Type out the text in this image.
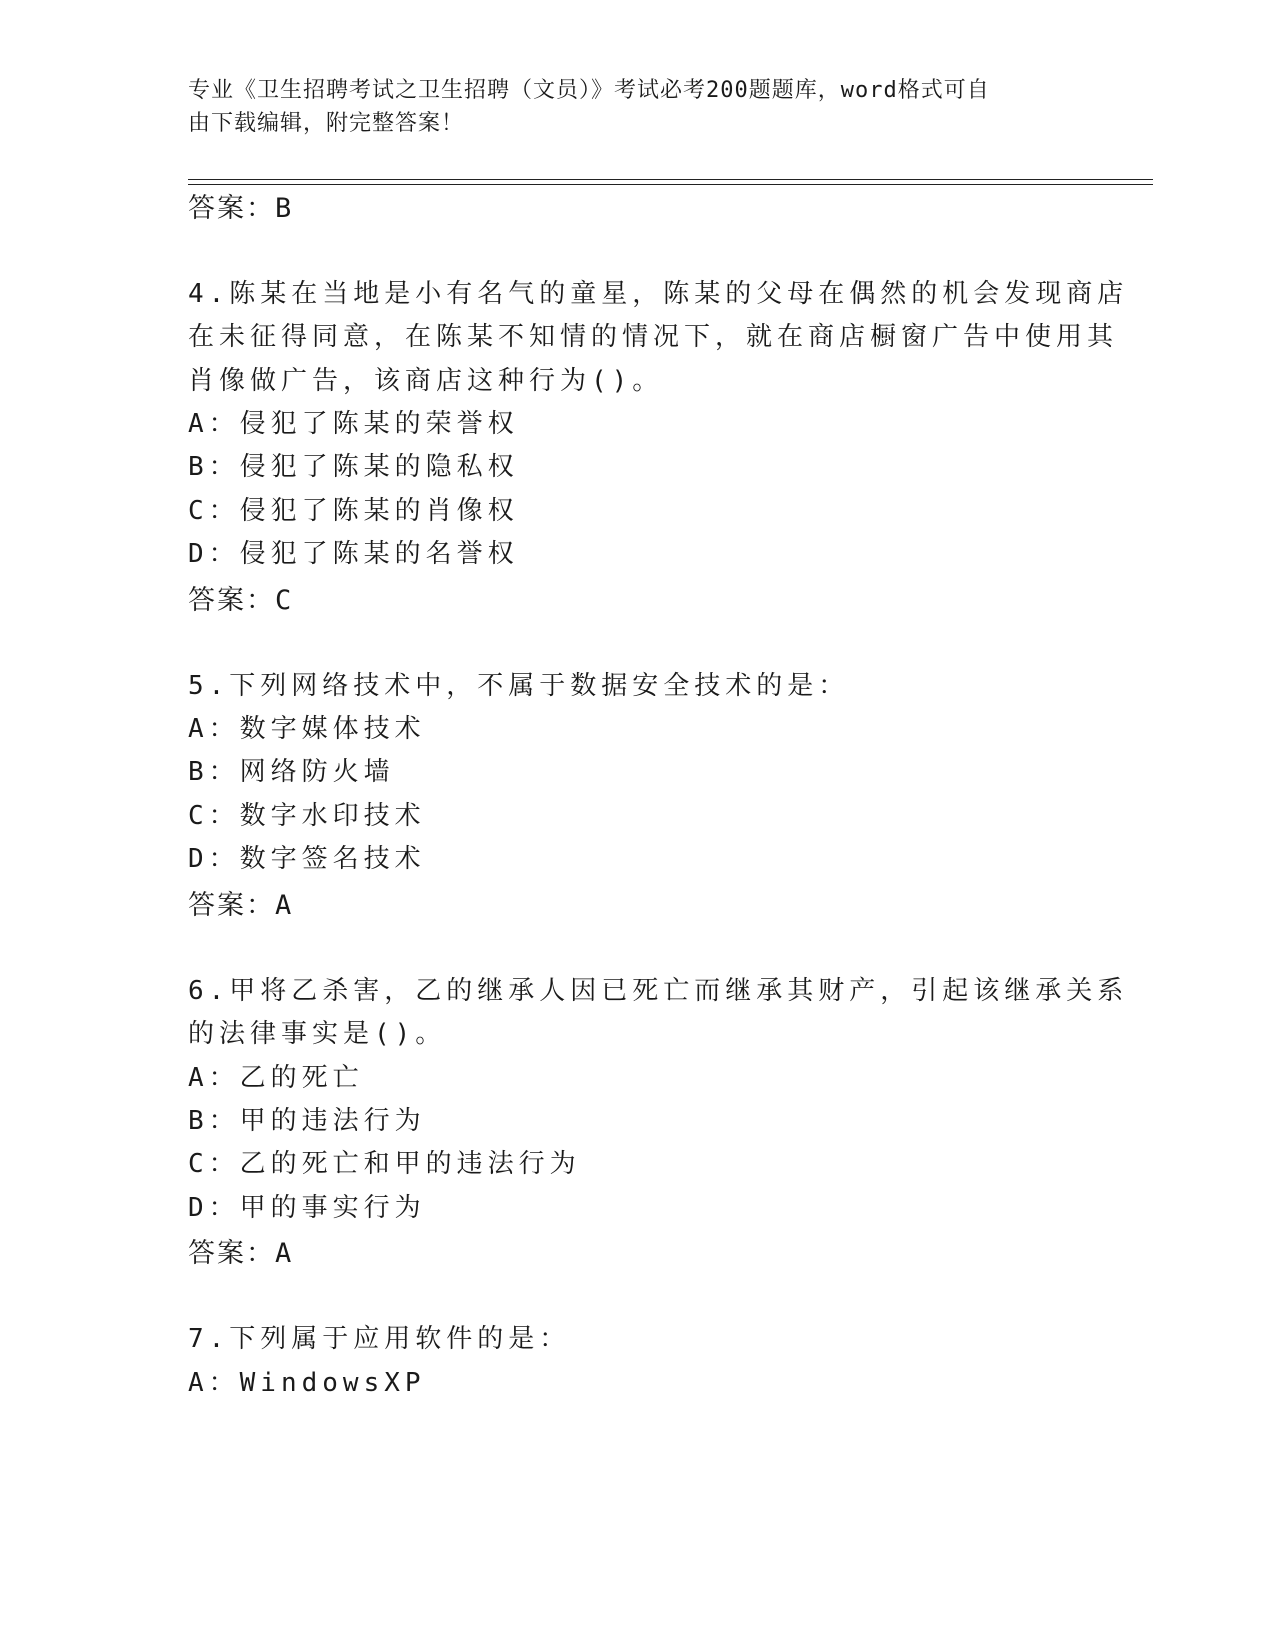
专业《卫生招聘考试之卫生招聘（文员）》考试必考200题题库，word格式可自
由下载编辑，附完整答案！
答案：B
4.陈某在当地是小有名气的童星，陈某的父母在偶然的机会发现商店
在未征得同意，在陈某不知情的情况下，就在商店橱窗广告中使用其
肖像做广告，该商店这种行为()。
A：侵犯了陈某的荣誉权
B：侵犯了陈某的隐私权
C：侵犯了陈某的肖像权
D：侵犯了陈某的名誉权
答案：C
5.下列网络技术中，不属于数据安全技术的是：
A：数字媒体技术
B：网络防火墙
C：数字水印技术
D：数字签名技术
答案：A
6.甲将乙杀害，乙的继承人因已死亡而继承其财产，引起该继承关系
的法律事实是()。
A：乙的死亡
B：甲的违法行为
C：乙的死亡和甲的违法行为
D：甲的事实行为
答案：A
7.下列属于应用软件的是：
A：WindowsXP
